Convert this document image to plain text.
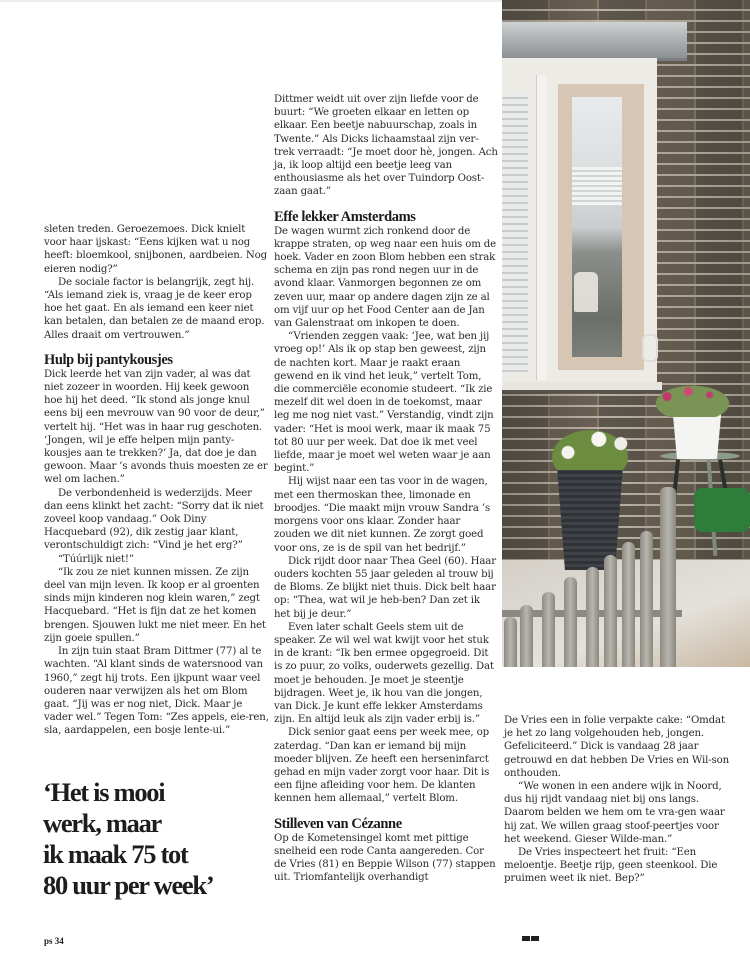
sleten treden. Geroezemoes. Dick knielt voor haar ijskast: “Eens kijken wat u nog heeft: bloemkool, snijbonen, aardbeien. Nog eieren nodig?”

De sociale factor is belangrijk, zegt hij. “Als iemand ziek is, vraag je de keer erop hoe het gaat. En als iemand een keer niet kan betalen, dan betalen ze de maand erop. Alles draait om vertrouwen.”

Hulp bij pantykousjes

Dick leerde het van zijn vader, al was dat niet zozeer in woorden. Hij keek gewoon hoe hij het deed. “Ik stond als jonge knul eens bij een mevrouw van 90 voor de deur,” vertelt hij. “Het was in haar rug geschoten. ‘Jongen, wil je effe helpen mijn panty-kousjes aan te trekken?’ Ja, dat doe je dan gewoon. Maar ’s avonds thuis moesten ze er wel om lachen.”

De verbondenheid is wederzijds. Meer dan eens klinkt het zacht: “Sorry dat ik niet zoveel koop vandaag.” Ook Diny Hacquebard (92), dik zestig jaar klant, verontschuldigt zich: “Vind je het erg?”

“Túúrlijk niet!”

“Ik zou ze niet kunnen missen. Ze zijn deel van mijn leven. Ik koop er al groenten sinds mijn kinderen nog klein waren,” zegt Hacquebard. “Het is fijn dat ze het komen brengen. Sjouwen lukt me niet meer. En het zijn goeie spullen.”

In zijn tuin staat Bram Dittmer (77) al te wachten. “Al klant sinds de watersnood van 1960,” zegt hij trots. Een ijkpunt waar veel ouderen naar verwijzen als het om Blom gaat. “Jij was er nog niet, Dick. Maar je vader wel.” Tegen Tom: “Zes appels, eie-ren, sla, aardappelen, een bosje lente-ui.”

‘Het is mooi
werk, maar
ik maak 75 tot
80 uur per week’

Dittmer weidt uit over zijn liefde voor de buurt: “We groeten elkaar en letten op elkaar. Een beetje nabuurschap, zoals in Twente.” Als Dicks lichaamstaal zijn ver-trek verraadt: “Je moet door hè, jongen. Ach ja, ik loop altijd een beetje leeg van enthousiasme als het over Tuindorp Oost-zaan gaat.”

Effe lekker Amsterdams

De wagen wurmt zich ronkend door de krappe straten, op weg naar een huis om de hoek. Vader en zoon Blom hebben een strak schema en zijn pas rond negen uur in de avond klaar. Vanmorgen begonnen ze om zeven uur, maar op andere dagen zijn ze al om vijf uur op het Food Center aan de Jan van Galenstraat om inkopen te doen.

“Vrienden zeggen vaak: ‘Jee, wat ben jij vroeg op!’ Als ik op stap ben geweest, zijn de nachten kort. Maar je raakt eraan gewend en ik vind het leuk,” vertelt Tom, die commerciële economie studeert. “Ik zie mezelf dit wel doen in de toekomst, maar leg me nog niet vast.” Verstandig, vindt zijn vader: “Het is mooi werk, maar ik maak 75 tot 80 uur per week. Dat doe ik met veel liefde, maar je moet wel weten waar je aan begint.”

Hij wijst naar een tas voor in de wagen, met een thermoskan thee, limonade en broodjes. “Die maakt mijn vrouw Sandra ’s morgens voor ons klaar. Zonder haar zouden we dit niet kunnen. Ze zorgt goed voor ons, ze is de spil van het bedrijf.”

Dick rijdt door naar Thea Geel (60). Haar ouders kochten 55 jaar geleden al trouw bij de Bloms. Ze blijkt niet thuis. Dick belt haar op: “Thea, wat wil je heb-ben? Dan zet ik het bij je deur.”

Even later schalt Geels stem uit de speaker. Ze wil wel wat kwijt voor het stuk in de krant: “Ik ben ermee opgegroeid. Dit is zo puur, zo volks, ouderwets gezellig. Dat moet je behouden. Je moet je steentje bijdragen. Weet je, ik hou van die jongen, van Dick. Je kunt effe lekker Amsterdams zijn. En altijd leuk als zijn vader erbij is.”

Dick senior gaat eens per week mee, op zaterdag. “Dan kan er iemand bij mijn moeder blijven. Ze heeft een herseninfarct gehad en mijn vader zorgt voor haar. Dit is een fijne afleiding voor hem. De klanten kennen hem allemaal,” vertelt Blom.

Stilleven van Cézanne

Op de Kometensingel komt met pittige snelheid een rode Canta aangereden. Cor de Vries (81) en Beppie Wilson (77) stappen uit. Triomfantelijk overhandigt

De Vries een in folie verpakte cake: “Omdat je het zo lang volgehouden heb, jongen. Gefeliciteerd.” Dick is vandaag 28 jaar getrouwd en dat hebben De Vries en Wil-son onthouden.

“We wonen in een andere wijk in Noord, dus hij rijdt vandaag niet bij ons langs. Daarom belden we hem om te vra-gen waar hij zat. We willen graag stoof-peertjes voor het weekend. Gieser Wilde-man.”

De Vries inspecteert het fruit: “Een meloentje. Beetje rijp, geen steenkool. Die pruimen weet ik niet. Bep?”

ps 34
